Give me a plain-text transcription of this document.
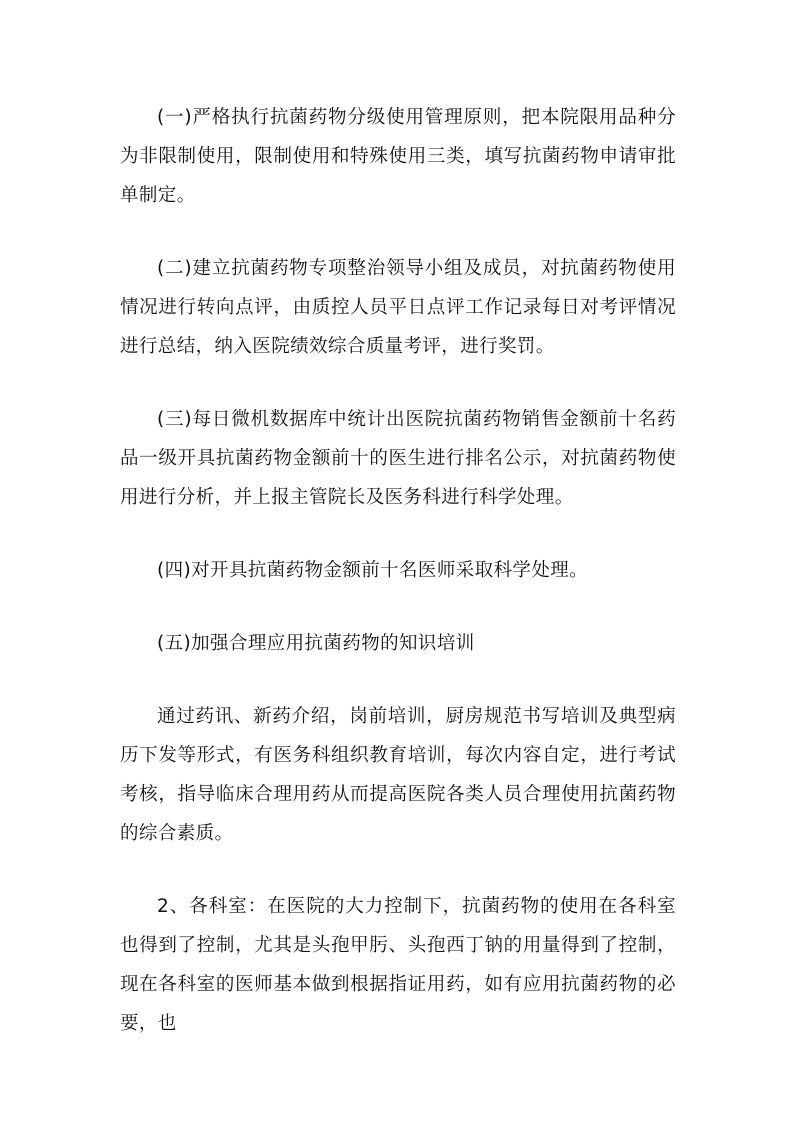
(一)严格执行抗菌药物分级使用管理原则，把本院限用品种分为非限制使用，限制使用和特殊使用三类，填写抗菌药物申请审批单制定。

(二)建立抗菌药物专项整治领导小组及成员，对抗菌药物使用情况进行转向点评，由质控人员平日点评工作记录每日对考评情况进行总结，纳入医院绩效综合质量考评，进行奖罚。

(三)每日微机数据库中统计出医院抗菌药物销售金额前十名药品一级开具抗菌药物金额前十的医生进行排名公示，对抗菌药物使用进行分析，并上报主管院长及医务科进行科学处理。

(四)对开具抗菌药物金额前十名医师采取科学处理。

(五)加强合理应用抗菌药物的知识培训

通过药讯、新药介绍，岗前培训，厨房规范书写培训及典型病历下发等形式，有医务科组织教育培训，每次内容自定，进行考试考核，指导临床合理用药从而提高医院各类人员合理使用抗菌药物的综合素质。

2、各科室：在医院的大力控制下，抗菌药物的使用在各科室也得到了控制，尤其是头孢甲肟、头孢西丁钠的用量得到了控制，现在各科室的医师基本做到根据指证用药，如有应用抗菌药物的必要，也
